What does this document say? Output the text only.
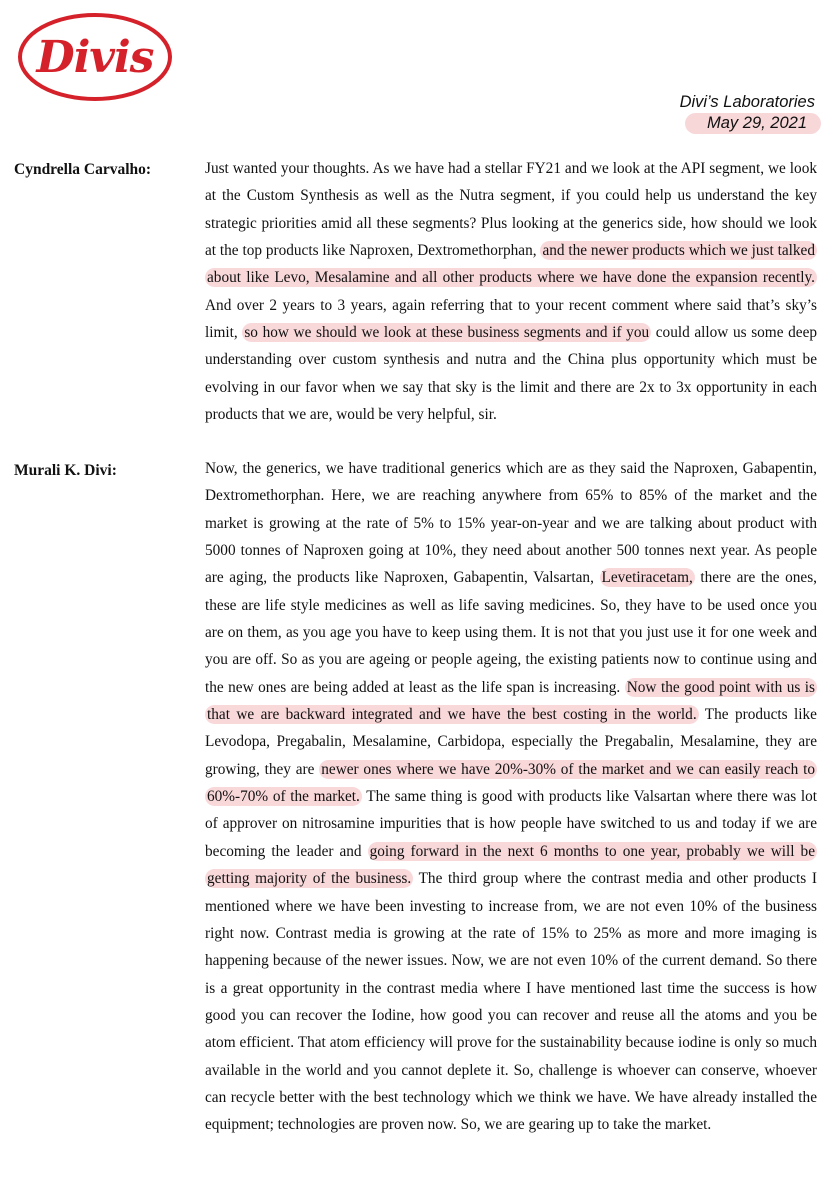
Divis
Divi’s Laboratories
May 29, 2021
Cyndrella Carvalho:	Just wanted your thoughts. As we have had a stellar FY21 and we look at the API segment, we look at the Custom Synthesis as well as the Nutra segment, if you could help us understand the key strategic priorities amid all these segments? Plus looking at the generics side, how should we look at the top products like Naproxen, Dextromethorphan, and the newer products which we just talked about like Levo, Mesalamine and all other products where we have done the expansion recently. And over 2 years to 3 years, again referring that to your recent comment where said that’s sky’s limit, so how we should we look at these business segments and if you could allow us some deep understanding over custom synthesis and nutra and the China plus opportunity which must be evolving in our favor when we say that sky is the limit and there are 2x to 3x opportunity in each products that we are, would be very helpful, sir.

Murali K. Divi:	Now, the generics, we have traditional generics which are as they said the Naproxen, Gabapentin, Dextromethorphan. Here, we are reaching anywhere from 65% to 85% of the market and the market is growing at the rate of 5% to 15% year-on-year and we are talking about product with 5000 tonnes of Naproxen going at 10%, they need about another 500 tonnes next year. As people are aging, the products like Naproxen, Gabapentin, Valsartan, Levetiracetam, there are the ones, these are life style medicines as well as life saving medicines. So, they have to be used once you are on them, as you age you have to keep using them. It is not that you just use it for one week and you are off. So as you are ageing or people ageing, the existing patients now to continue using and the new ones are being added at least as the life span is increasing. Now the good point with us is that we are backward integrated and we have the best costing in the world. The products like Levodopa, Pregabalin, Mesalamine, Carbidopa, especially the Pregabalin, Mesalamine, they are growing, they are newer ones where we have 20%-30% of the market and we can easily reach to 60%-70% of the market. The same thing is good with products like Valsartan where there was lot of approver on nitrosamine impurities that is how people have switched to us and today if we are becoming the leader and going forward in the next 6 months to one year, probably we will be getting majority of the business. The third group where the contrast media and other products I mentioned where we have been investing to increase from, we are not even 10% of the business right now. Contrast media is growing at the rate of 15% to 25% as more and more imaging is happening because of the newer issues. Now, we are not even 10% of the current demand. So there is a great opportunity in the contrast media where I have mentioned last time the success is how good you can recover the Iodine, how good you can recover and reuse all the atoms and you be atom efficient. That atom efficiency will prove for the sustainability because iodine is only so much available in the world and you cannot deplete it. So, challenge is whoever can conserve, whoever can recycle better with the best technology which we think we have. We have already installed the equipment; technologies are proven now. So, we are gearing up to take the market.
